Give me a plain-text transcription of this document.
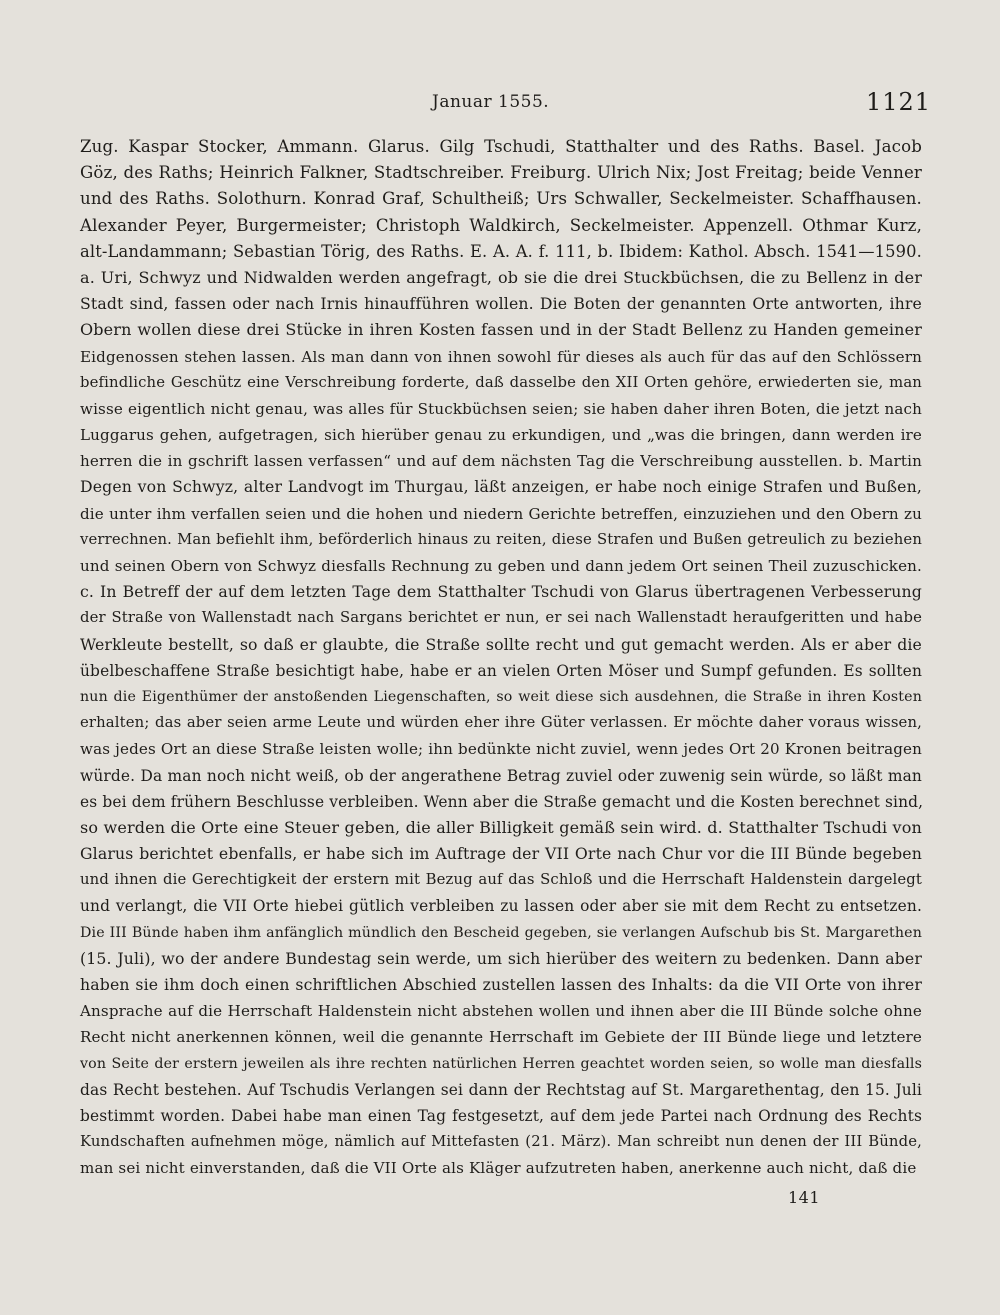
Januar 1555.	1121
Zug. Kaspar Stocker, Ammann. Glarus. Gilg Tschudi, Statthalter und des Raths. Basel. Jacob
Göz, des Raths; Heinrich Falkner, Stadtschreiber. Freiburg. Ulrich Nix; Jost Freitag; beide Venner
und des Raths. Solothurn. Konrad Graf, Schultheiß; Urs Schwaller, Seckelmeister. Schaffhausen.
Alexander Peyer, Burgermeister; Christoph Waldkirch, Seckelmeister. Appenzell. Othmar Kurz,
alt-Landammann; Sebastian Törig, des Raths. E. A. A. f. 111, b. Ibidem: Kathol. Absch. 1541—1590.
a. Uri, Schwyz und Nidwalden werden angefragt, ob sie die drei Stuckbüchsen, die zu Bellenz in der
Stadt sind, fassen oder nach Irnis hinaufführen wollen. Die Boten der genannten Orte antworten, ihre
Obern wollen diese drei Stücke in ihren Kosten fassen und in der Stadt Bellenz zu Handen gemeiner
Eidgenossen stehen lassen. Als man dann von ihnen sowohl für dieses als auch für das auf den Schlössern
befindliche Geschütz eine Verschreibung forderte, daß dasselbe den XII Orten gehöre, erwiederten sie, man
wisse eigentlich nicht genau, was alles für Stuckbüchsen seien; sie haben daher ihren Boten, die jetzt nach
Luggarus gehen, aufgetragen, sich hierüber genau zu erkundigen, und „was die bringen, dann werden ire
herren die in gschrift lassen verfassen“ und auf dem nächsten Tag die Verschreibung ausstellen. b. Martin
Degen von Schwyz, alter Landvogt im Thurgau, läßt anzeigen, er habe noch einige Strafen und Bußen,
die unter ihm verfallen seien und die hohen und niedern Gerichte betreffen, einzuziehen und den Obern zu
verrechnen. Man befiehlt ihm, beförderlich hinaus zu reiten, diese Strafen und Bußen getreulich zu beziehen
und seinen Obern von Schwyz diesfalls Rechnung zu geben und dann jedem Ort seinen Theil zuzuschicken.
c. In Betreff der auf dem letzten Tage dem Statthalter Tschudi von Glarus übertragenen Verbesserung
der Straße von Wallenstadt nach Sargans berichtet er nun, er sei nach Wallenstadt heraufgeritten und habe
Werkleute bestellt, so daß er glaubte, die Straße sollte recht und gut gemacht werden. Als er aber die
übelbeschaffene Straße besichtigt habe, habe er an vielen Orten Möser und Sumpf gefunden. Es sollten
nun die Eigenthümer der anstoßenden Liegenschaften, so weit diese sich ausdehnen, die Straße in ihren Kosten
erhalten; das aber seien arme Leute und würden eher ihre Güter verlassen. Er möchte daher voraus wissen,
was jedes Ort an diese Straße leisten wolle; ihn bedünkte nicht zuviel, wenn jedes Ort 20 Kronen beitragen
würde. Da man noch nicht weiß, ob der angerathene Betrag zuviel oder zuwenig sein würde, so läßt man
es bei dem frühern Beschlusse verbleiben. Wenn aber die Straße gemacht und die Kosten berechnet sind,
so werden die Orte eine Steuer geben, die aller Billigkeit gemäß sein wird. d. Statthalter Tschudi von
Glarus berichtet ebenfalls, er habe sich im Auftrage der VII Orte nach Chur vor die III Bünde begeben
und ihnen die Gerechtigkeit der erstern mit Bezug auf das Schloß und die Herrschaft Haldenstein dargelegt
und verlangt, die VII Orte hiebei gütlich verbleiben zu lassen oder aber sie mit dem Recht zu entsetzen.
Die III Bünde haben ihm anfänglich mündlich den Bescheid gegeben, sie verlangen Aufschub bis St. Margarethen
(15. Juli), wo der andere Bundestag sein werde, um sich hierüber des weitern zu bedenken. Dann aber
haben sie ihm doch einen schriftlichen Abschied zustellen lassen des Inhalts: da die VII Orte von ihrer
Ansprache auf die Herrschaft Haldenstein nicht abstehen wollen und ihnen aber die III Bünde solche ohne
Recht nicht anerkennen können, weil die genannte Herrschaft im Gebiete der III Bünde liege und letztere
von Seite der erstern jeweilen als ihre rechten natürlichen Herren geachtet worden seien, so wolle man diesfalls
das Recht bestehen. Auf Tschudis Verlangen sei dann der Rechtstag auf St. Margarethentag, den 15. Juli
bestimmt worden. Dabei habe man einen Tag festgesetzt, auf dem jede Partei nach Ordnung des Rechts
Kundschaften aufnehmen möge, nämlich auf Mittefasten (21. März). Man schreibt nun denen der III Bünde,
man sei nicht einverstanden, daß die VII Orte als Kläger aufzutreten haben, anerkenne auch nicht, daß die
141
